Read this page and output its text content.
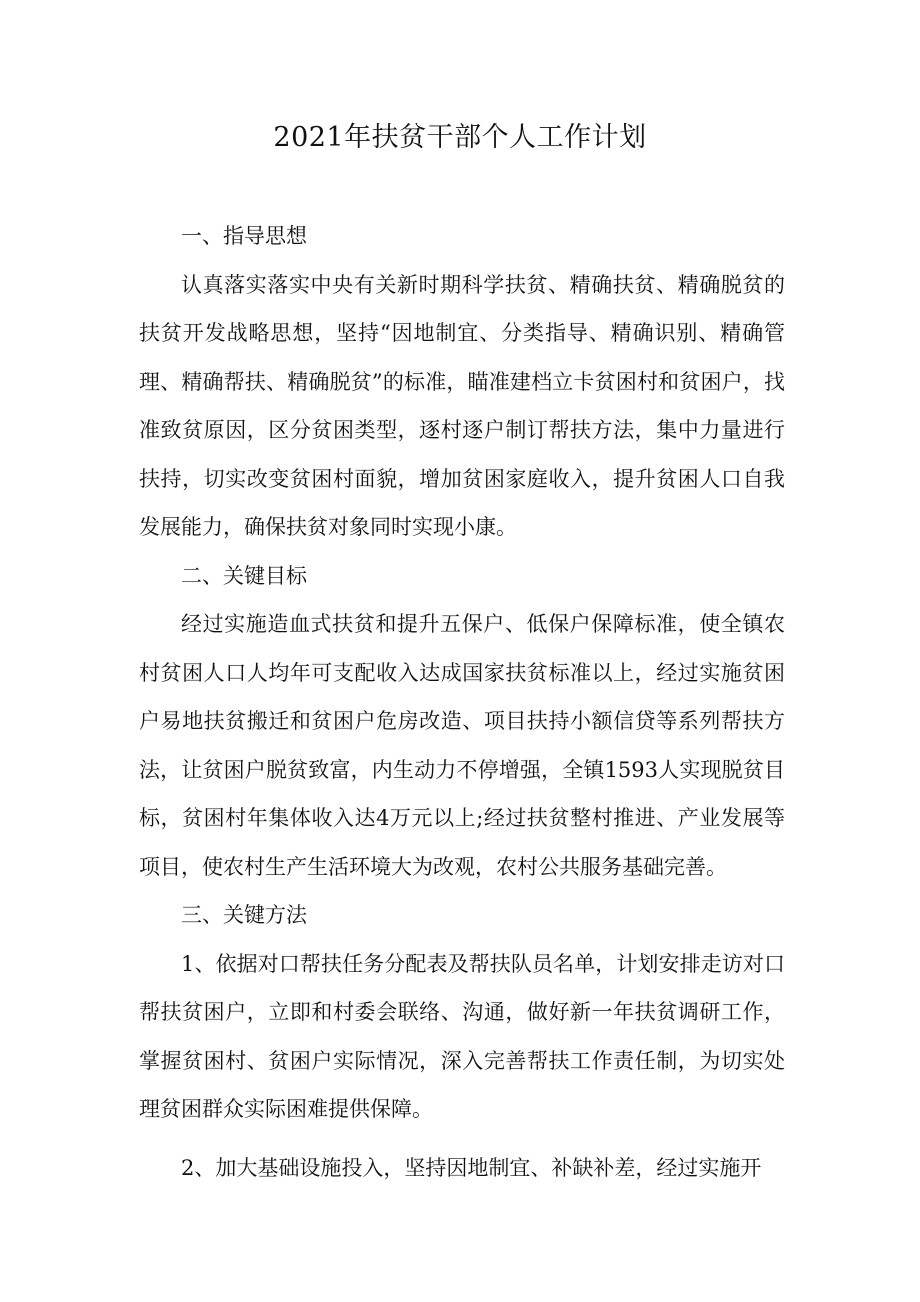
2021年扶贫干部个人工作计划

一、指导思想

认真落实落实中央有关新时期科学扶贫、精确扶贫、精确脱贫的扶贫开发战略思想，坚持“因地制宜、分类指导、精确识别、精确管理、精确帮扶、精确脱贫”的标准，瞄准建档立卡贫困村和贫困户，找准致贫原因，区分贫困类型，逐村逐户制订帮扶方法，集中力量进行扶持，切实改变贫困村面貌，增加贫困家庭收入，提升贫困人口自我发展能力，确保扶贫对象同时实现小康。

二、关键目标

经过实施造血式扶贫和提升五保户、低保户保障标准，使全镇农村贫困人口人均年可支配收入达成国家扶贫标准以上，经过实施贫困户易地扶贫搬迁和贫困户危房改造、项目扶持小额信贷等系列帮扶方法，让贫困户脱贫致富，内生动力不停增强，全镇1593人实现脱贫目标，贫困村年集体收入达4万元以上;经过扶贫整村推进、产业发展等项目，使农村生产生活环境大为改观，农村公共服务基础完善。

三、关键方法

1、依据对口帮扶任务分配表及帮扶队员名单，计划安排走访对口帮扶贫困户，立即和村委会联络、沟通，做好新一年扶贫调研工作，掌握贫困村、贫困户实际情况，深入完善帮扶工作责任制，为切实处理贫困群众实际困难提供保障。

2、加大基础设施投入，坚持因地制宜、补缺补差，经过实施开
